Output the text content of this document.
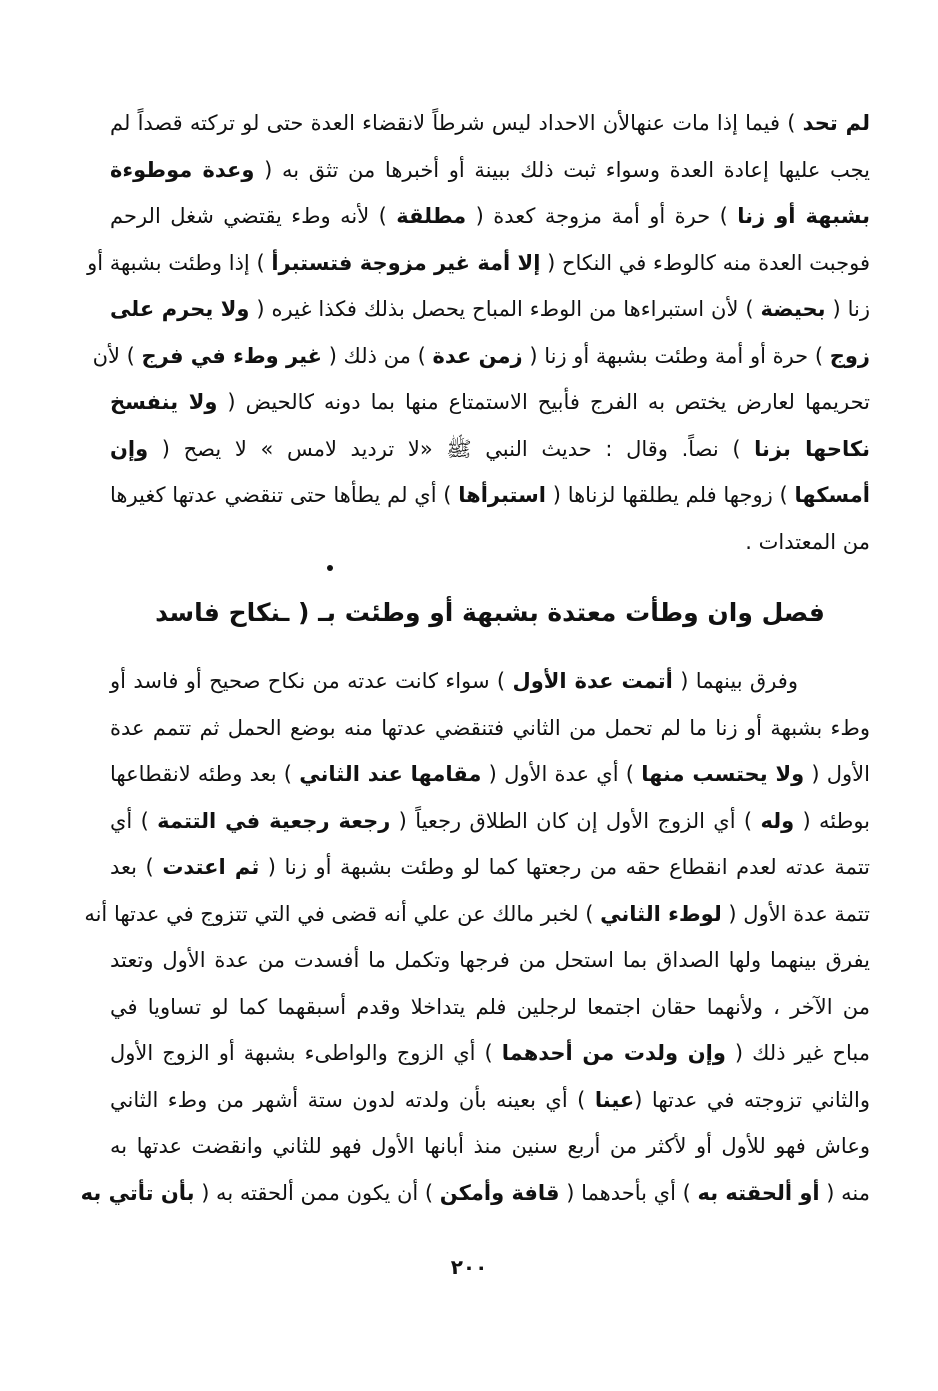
لم تحد ) فيما إذا مات عنهالأن الاحداد ليس شرطاً لانقضاء العدة حتى لو تركته قصداً لم
يجب عليها إعادة العدة وسواء ثبت ذلك ببينة أو أخبرها من تثق به ( وعدة موطوءة
بشبهة أو زنا ) حرة أو أمة مزوجة كعدة ( مطلقة ) لأنه وطء يقتضي شغل الرحم
فوجبت العدة منه كالوطء في النكاح ( إلا أمة غير مزوجة فتستبرأ ) إذا وطئت بشبهة أو
زنا ( بحيضة ) لأن استبراءها من الوطء المباح يحصل بذلك فكذا غيره ( ولا يحرم على
زوج ) حرة أو أمة وطئت بشبهة أو زنا ( زمن عدة ) من ذلك ( غير وطء في فرج ) لأن
تحريمها لعارض يختص به الفرج فأبيح الاستمتاع منها بما دونه كالحيض ( ولا ينفسخ
نكاحها بزنا ) نصاً. وقال : حديث النبي ﷺ «لا ترديد لامس » لا يصح ( وإن
أمسكها ) زوجها فلم يطلقها لزناها ( استبرأها ) أي لم يطأها حتى تنقضي عدتها كغيرها
من المعتدات .
فصل وان وطأت معتدة بشبهة أو وطئت بـ ( ـنكاح فاسد
وفرق بينهما ( أتمت عدة الأول ) سواء كانت عدته من نكاح صحيح أو فاسد أو
وطء بشبهة أو زنا ما لم تحمل من الثاني فتنقضي عدتها منه بوضع الحمل ثم تتمم عدة
الأول ( ولا يحتسب منها ) أي عدة الأول ( مقامها عند الثاني ) بعد وطئه لانقطاعها
بوطئه ( وله ) أي الزوج الأول إن كان الطلاق رجعياً ( رجعة رجعية في التتمة ) أي
تتمة عدته لعدم انقطاع حقه من رجعتها كما لو وطئت بشبهة أو زنا ( ثم اعتدت ) بعد
تتمة عدة الأول ( لوطء الثاني ) لخبر مالك عن علي أنه قضى في التي تتزوج في عدتها أنه
يفرق بينهما ولها الصداق بما استحل من فرجها وتكمل ما أفسدت من عدة الأول وتعتد
من الآخر ، ولأنهما حقان اجتمعا لرجلين فلم يتداخلا وقدم أسبقهما كما لو تساويا في
مباح غير ذلك ( وإن ولدت من أحدهما ) أي الزوج والواطىء بشبهة أو الزوج الأول
والثاني تزوجته في عدتها (عينا ) أي بعينه بأن ولدته لدون ستة أشهر من وطء الثاني
وعاش فهو للأول أو لأكثر من أربع سنين منذ أبانها الأول فهو للثاني وانقضت عدتها به
منه ( أو ألحقته به ) أي بأحدهما ( قافة وأمكن ) أن يكون ممن ألحقته به ( بأن تأتي به
٢٠٠
